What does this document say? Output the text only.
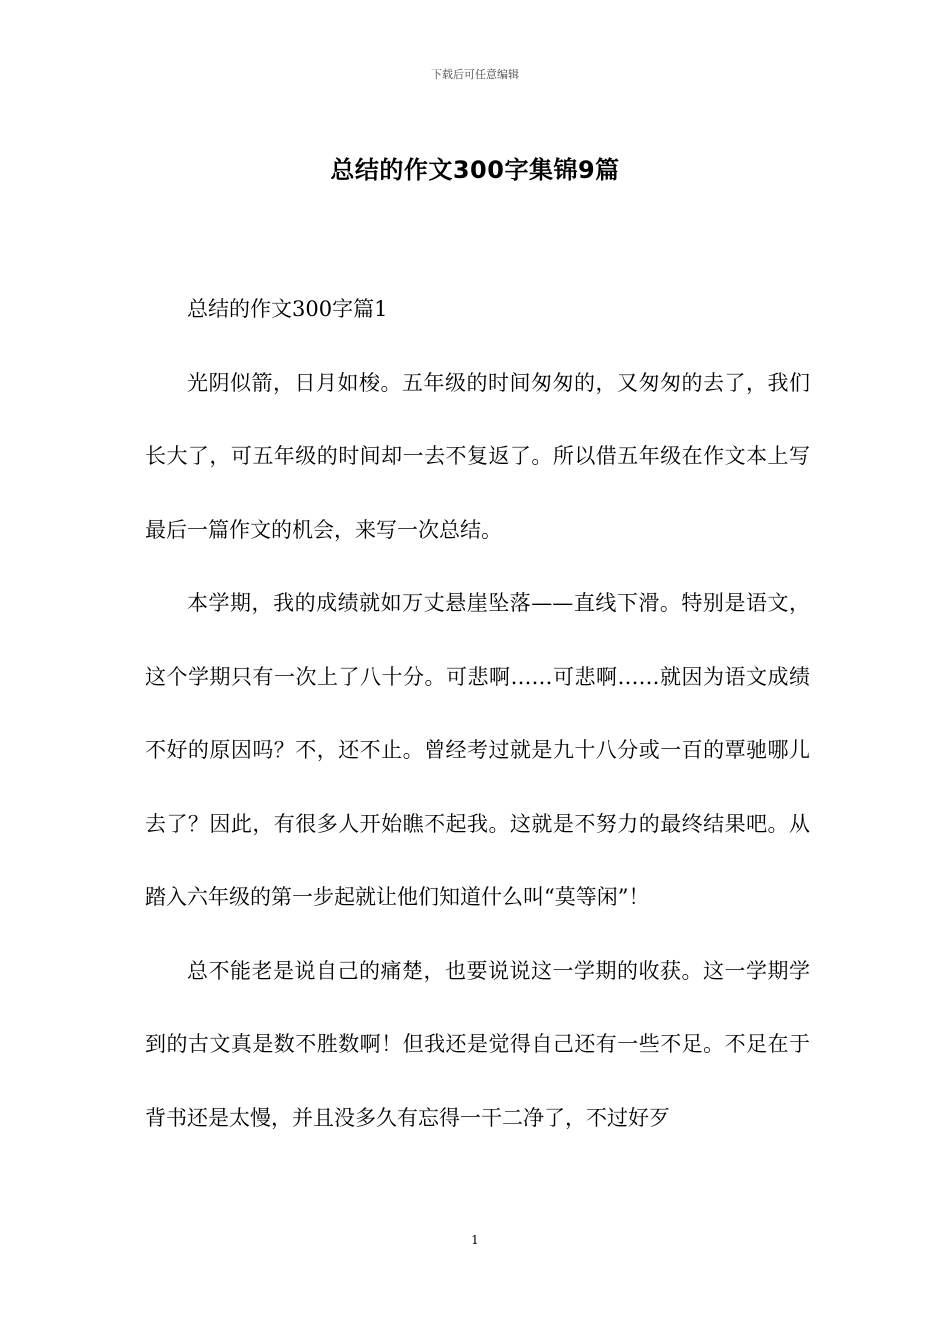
下载后可任意编辑
总结的作文300字集锦9篇

总结的作文300字篇1

光阴似箭，日月如梭。五年级的时间匆匆的，又匆匆的去了，我们长大了，可五年级的时间却一去不复返了。所以借五年级在作文本上写最后一篇作文的机会，来写一次总结。

本学期，我的成绩就如万丈悬崖坠落——直线下滑。特别是语文，这个学期只有一次上了八十分。可悲啊……可悲啊……就因为语文成绩不好的原因吗？不，还不止。曾经考过就是九十八分或一百的覃驰哪儿去了？因此，有很多人开始瞧不起我。这就是不努力的最终结果吧。从踏入六年级的第一步起就让他们知道什么叫“莫等闲”！

总不能老是说自己的痛楚，也要说说这一学期的收获。这一学期学到的古文真是数不胜数啊！但我还是觉得自己还有一些不足。不足在于背书还是太慢，并且没多久有忘得一干二净了，不过好歹

1
